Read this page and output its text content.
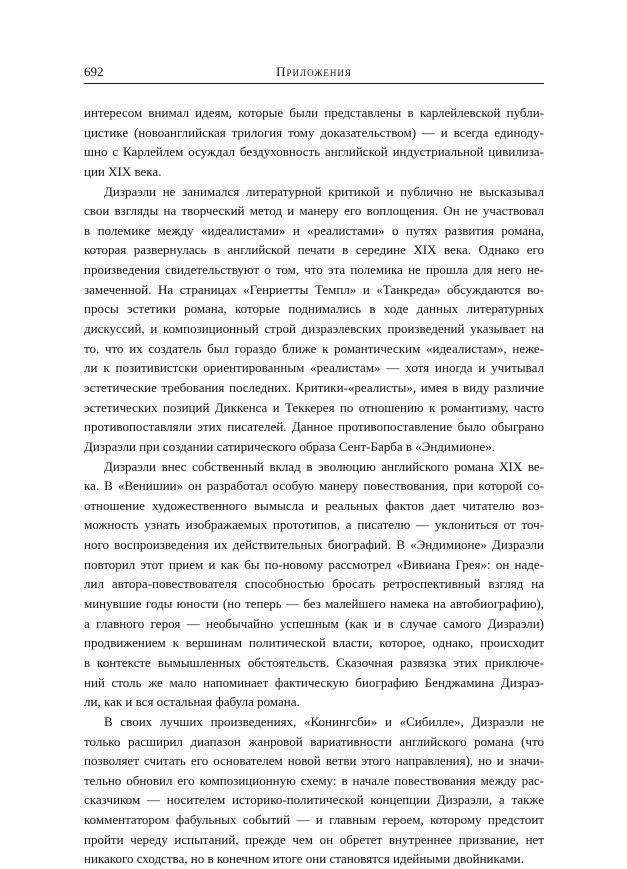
692	Приложения
интересом внимал идеям, которые были представлены в карлейлевской публи-
цистике (новоанглийская трилогия тому доказательством) — и всегда единоду-
шно с Карлейлем осуждал бездуховность английской индустриальной цивилиза-
ции XIX века.
Дизраэли не занимался литературной критикой и публично не высказывал
свои взгляды на творческий метод и манеру его воплощения. Он не участвовал
в полемике между «идеалистами» и «реалистами» о путях развития романа,
которая развернулась в английской печати в середине XIX века. Однако его
произведения свидетельствуют о том, что эта полемика не прошла для него не-
замеченной. На страницах «Генриетты Темпл» и «Танкреда» обсуждаются во-
просы эстетики романа, которые поднимались в ходе данных литературных
дискуссий, и композиционный строй дизраэлевских произведений указывает на
то, что их создатель был гораздо ближе к романтическим «идеалистам», неже-
ли к позитивистски ориентированным «реалистам» — хотя иногда и учитывал
эстетические требования последних. Критики-«реалисты», имея в виду различие
эстетических позиций Диккенса и Теккерея по отношению к романтизму, часто
противопоставляли этих писателей. Данное противопоставление было обыграно
Дизраэли при создании сатирического образа Сент-Барба в «Эндимионе».
Дизраэли внес собственный вклад в эволюцию английского романа XIX ве-
ка. В «Венишии» он разработал особую манеру повествования, при которой со-
отношение художественного вымысла и реальных фактов дает читателю воз-
можность узнать изображаемых прототипов, а писателю — уклониться от точ-
ного воспроизведения их действительных биографий. В «Эндимионе» Дизраэли
повторил этот прием и как бы по-новому рассмотрел «Вивиана Грея»: он наде-
лил автора-повествователя способностью бросать ретроспективный взгляд на
минувшие годы юности (но теперь — без малейшего намека на автобиографию),
а главного героя — необычайно успешным (как и в случае самого Дизраэли)
продвижением к вершинам политической власти, которое, однако, происходит
в контексте вымышленных обстоятельств. Сказочная развязка этих приключе-
ний столь же мало напоминает фактическую биографию Бенджамина Дизраэ-
ли, как и вся остальная фабула романа.
В своих лучших произведениях, «Конингсби» и «Сибилле», Дизраэли не
только расширил диапазон жанровой вариативности английского романа (что
позволяет считать его основателем новой ветви этого направления), но и значи-
тельно обновил его композиционную схему: в начале повествования между рас-
сказчиком — носителем историко-политической концепции Дизраэли, а также
комментатором фабульных событий — и главным героем, которому предстоит
пройти череду испытаний, прежде чем он обретет внутреннее призвание, нет
никакого сходства, но в конечном итоге они становятся идейными двойниками.
